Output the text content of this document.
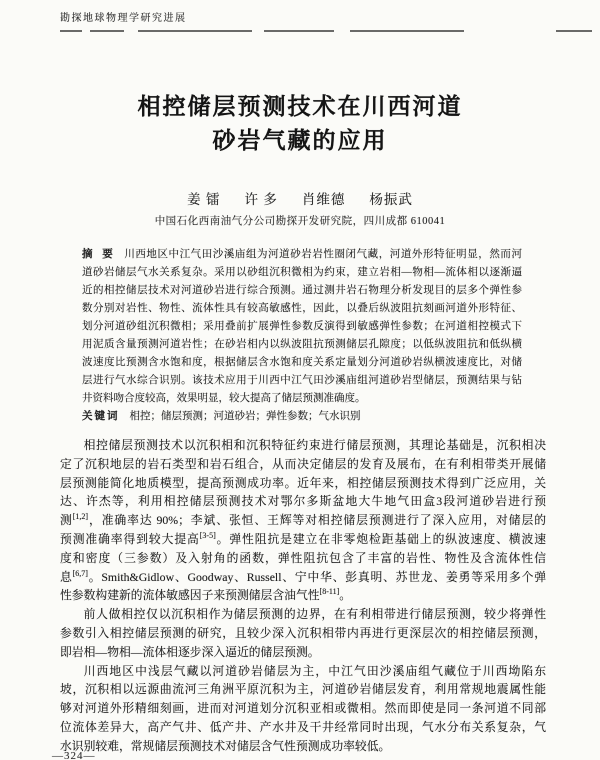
勘探地球物理学研究进展
相控储层预测技术在川西河道
砂岩气藏的应用
姜 镭 许 多 肖维德 杨振武
中国石化西南油气分公司勘探开发研究院，四川成都 610041
摘 要 川西地区中江气田沙溪庙组为河道砂岩岩性圈闭气藏，河道外形特征明显，然而河
道砂岩储层气水关系复杂。采用以砂组沉积微相为约束，建立岩相—物相—流体相以逐渐逼
近的相控储层技术对河道砂岩进行综合预测。通过测井岩石物理分析发现目的层多个弹性参
数分别对岩性、物性、流体性具有较高敏感性，因此，以叠后纵波阻抗刻画河道外形特征、
划分河道砂组沉积微相；采用叠前扩展弹性参数反演得到敏感弹性参数；在河道相控模式下
用泥质含量预测河道岩性；在砂岩相内以纵波阻抗预测储层孔隙度；以低纵波阻抗和低纵横
波速度比预测含水饱和度，根据储层含水饱和度关系定量划分河道砂岩纵横波速度比，对储
层进行气水综合识别。该技术应用于川西中江气田沙溪庙组河道砂岩型储层，预测结果与钻
井资料吻合度较高，效果明显，较大提高了储层预测准确度。
关键词 相控；储层预测；河道砂岩；弹性参数；气水识别
相控储层预测技术以沉积相和沉积特征约束进行储层预测，其理论基础是，沉积相决
定了沉积地层的岩石类型和岩石组合，从而决定储层的发育及展布，在有利相带类开展储
层预测能简化地质模型，提高预测成功率。近年来，相控储层预测技术得到广泛应用，关
达、许杰等，利用相控储层预测技术对鄂尔多斯盆地大牛地气田盒3段河道砂岩进行预
测[1,2]，准确率达 90%；李斌、张恒、王辉等对相控储层预测进行了深入应用，对储层的
预测准确率得到较大提高[3-5]。弹性阻抗是建立在非零炮检距基础上的纵波速度、横波速
度和密度（三参数）及入射角的函数，弹性阻抗包含了丰富的岩性、物性及含流体性信
息[6,7]。Smith&Gidlow、Goodway、Russell、宁中华、彭真明、苏世龙、姜勇等采用多个弹
性参数构建新的流体敏感因子来预测储层含油气性[8-11]。
前人做相控仅以沉积相作为储层预测的边界，在有利相带进行储层预测，较少将弹性
参数引入相控储层预测的研究，且较少深入沉积相带内再进行更深层次的相控储层预测，
即岩相—物相—流体相逐步深入逼近的储层预测。
川西地区中浅层气藏以河道砂岩储层为主，中江气田沙溪庙组气藏位于川西坳陷东
坡，沉积相以远源曲流河三角洲平原沉积为主，河道砂岩储层发育，利用常规地震属性能
够对河道外形精细刻画，进而对河道划分沉积亚相或微相。然而即使是同一条河道不同部
位流体差异大，高产气井、低产井、产水井及干井经常同时出现，气水分布关系复杂，气
水识别较难，常规储层预测技术对储层含气性预测成功率较低。
—324—
